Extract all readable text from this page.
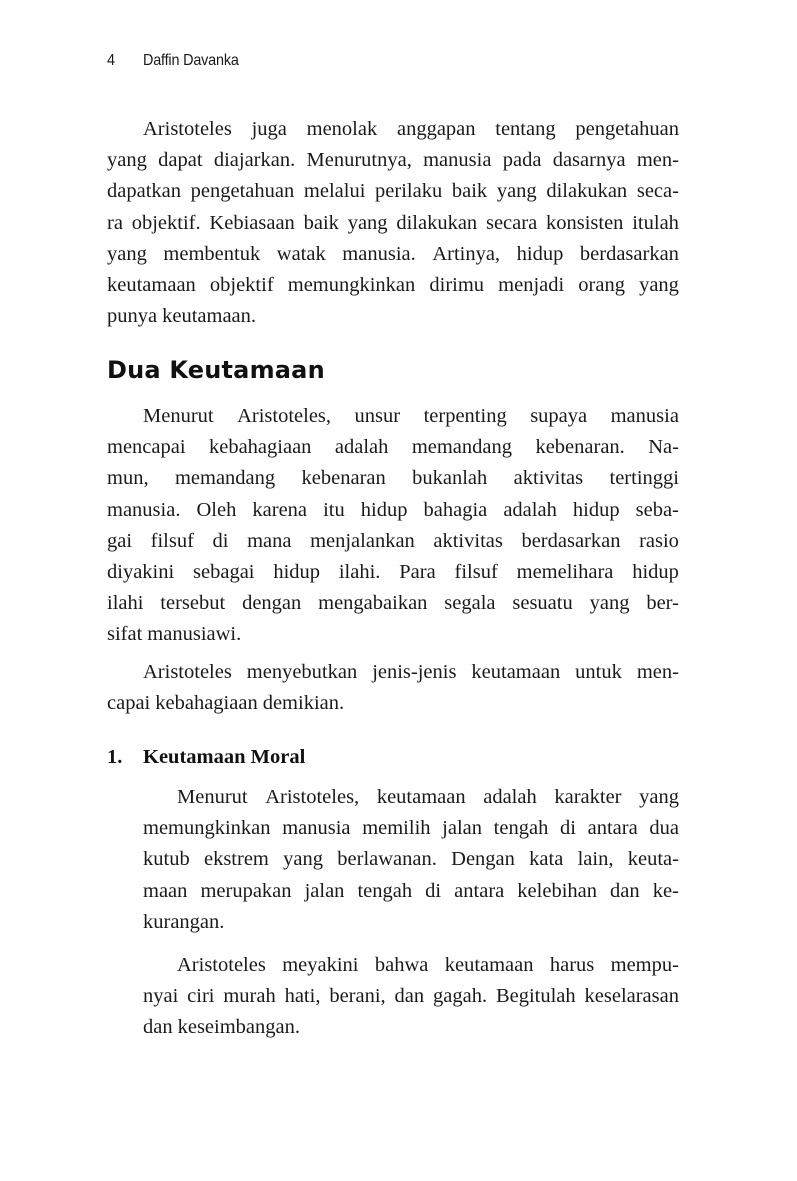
4 Daffin Davanka
Aristoteles juga menolak anggapan tentang pengetahuan
yang dapat diajarkan. Menurutnya, manusia pada dasarnya men-
dapatkan pengetahuan melalui perilaku baik yang dilakukan seca-
ra objektif. Kebiasaan baik yang dilakukan secara konsisten itulah
yang membentuk watak manusia. Artinya, hidup berdasarkan
keutamaan objektif memungkinkan dirimu menjadi orang yang
punya keutamaan.
Dua Keutamaan
Menurut Aristoteles, unsur terpenting supaya manusia
mencapai kebahagiaan adalah memandang kebenaran. Na-
mun, memandang kebenaran bukanlah aktivitas tertinggi
manusia. Oleh karena itu hidup bahagia adalah hidup seba-
gai filsuf di mana menjalankan aktivitas berdasarkan rasio
diyakini sebagai hidup ilahi. Para filsuf memelihara hidup
ilahi tersebut dengan mengabaikan segala sesuatu yang ber-
sifat manusiawi.
Aristoteles menyebutkan jenis-jenis keutamaan untuk men-
capai kebahagiaan demikian.
1. Keutamaan Moral
Menurut Aristoteles, keutamaan adalah karakter yang
memungkinkan manusia memilih jalan tengah di antara dua
kutub ekstrem yang berlawanan. Dengan kata lain, keuta-
maan merupakan jalan tengah di antara kelebihan dan ke-
kurangan.
Aristoteles meyakini bahwa keutamaan harus mempu-
nyai ciri murah hati, berani, dan gagah. Begitulah keselarasan
dan keseimbangan.
